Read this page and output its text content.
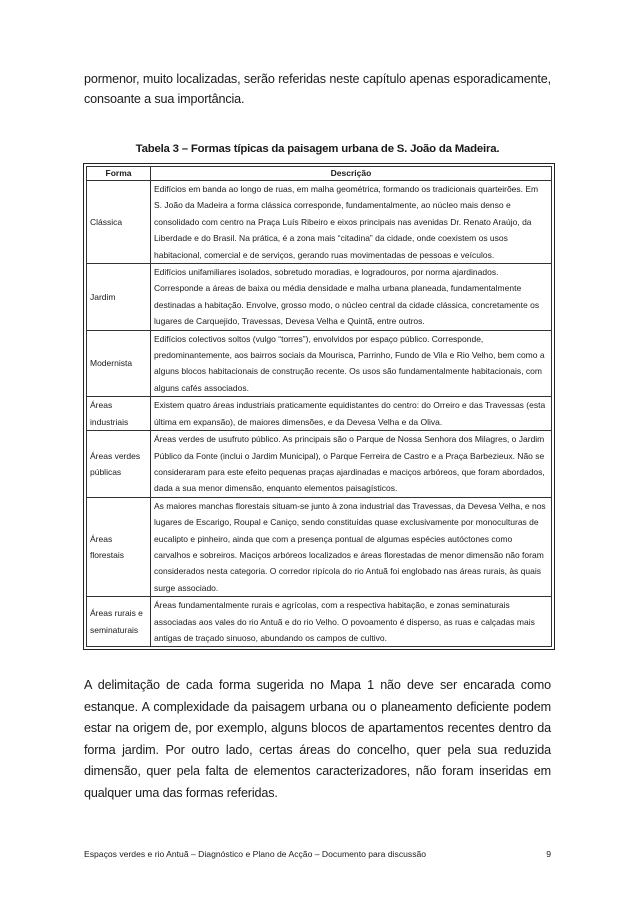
pormenor, muito localizadas, serão referidas neste capítulo apenas esporadicamente, consoante a sua importância.

Tabela 3 – Formas típicas da paisagem urbana de S. João da Madeira.

Forma	Descrição
Clássica	Edifícios em banda ao longo de ruas, em malha geométrica, formando os tradicionais quarteirões. Em S. João da Madeira a forma clássica corresponde, fundamentalmente, ao núcleo mais denso e consolidado com centro na Praça Luís Ribeiro e eixos principais nas avenidas Dr. Renato Araújo, da Liberdade e do Brasil. Na prática, é a zona mais “citadina” da cidade, onde coexistem os usos habitacional, comercial e de serviços, gerando ruas movimentadas de pessoas e veículos.
Jardim	Edifícios unifamiliares isolados, sobretudo moradias, e logradouros, por norma ajardinados. Corresponde a áreas de baixa ou média densidade e malha urbana planeada, fundamentalmente destinadas a habitação. Envolve, grosso modo, o núcleo central da cidade clássica, concretamente os lugares de Carquejido, Travessas, Devesa Velha e Quintã, entre outros.
Modernista	Edifícios colectivos soltos (vulgo “torres”), envolvidos por espaço público. Corresponde, predominantemente, aos bairros sociais da Mourisca, Parrinho, Fundo de Vila e Rio Velho, bem como a alguns blocos habitacionais de construção recente. Os usos são fundamentalmente habitacionais, com alguns cafés associados.
Áreas industriais	Existem quatro áreas industriais praticamente equidistantes do centro: do Orreiro e das Travessas (esta última em expansão), de maiores dimensões, e da Devesa Velha e da Oliva.
Áreas verdes públicas	Áreas verdes de usufruto público. As principais são o Parque de Nossa Senhora dos Milagres, o Jardim Público da Fonte (inclui o Jardim Municipal), o Parque Ferreira de Castro e a Praça Barbezieux. Não se consideraram para este efeito pequenas praças ajardinadas e maciços arbóreos, que foram abordados, dada a sua menor dimensão, enquanto elementos paisagísticos.
Áreas florestais	As maiores manchas florestais situam-se junto à zona industrial das Travessas, da Devesa Velha, e nos lugares de Escarigo, Roupal e Caniço, sendo constituídas quase exclusivamente por monoculturas de eucalipto e pinheiro, ainda que com a presença pontual de algumas espécies autóctones como carvalhos e sobreiros. Maciços arbóreos localizados e áreas florestadas de menor dimensão não foram considerados nesta categoria. O corredor ripícola do rio Antuã foi englobado nas áreas rurais, às quais surge associado.
Áreas rurais e seminaturais	Áreas fundamentalmente rurais e agrícolas, com a respectiva habitação, e zonas seminaturais associadas aos vales do rio Antuã e do rio Velho. O povoamento é disperso, as ruas e calçadas mais antigas de traçado sinuoso, abundando os campos de cultivo.

A delimitação de cada forma sugerida no Mapa 1 não deve ser encarada como estanque. A complexidade da paisagem urbana ou o planeamento deficiente podem estar na origem de, por exemplo, alguns blocos de apartamentos recentes dentro da forma jardim. Por outro lado, certas áreas do concelho, quer pela sua reduzida dimensão, quer pela falta de elementos caracterizadores, não foram inseridas em qualquer uma das formas referidas.

Espaços verdes e rio Antuã – Diagnóstico e Plano de Acção – Documento para discussão	9
